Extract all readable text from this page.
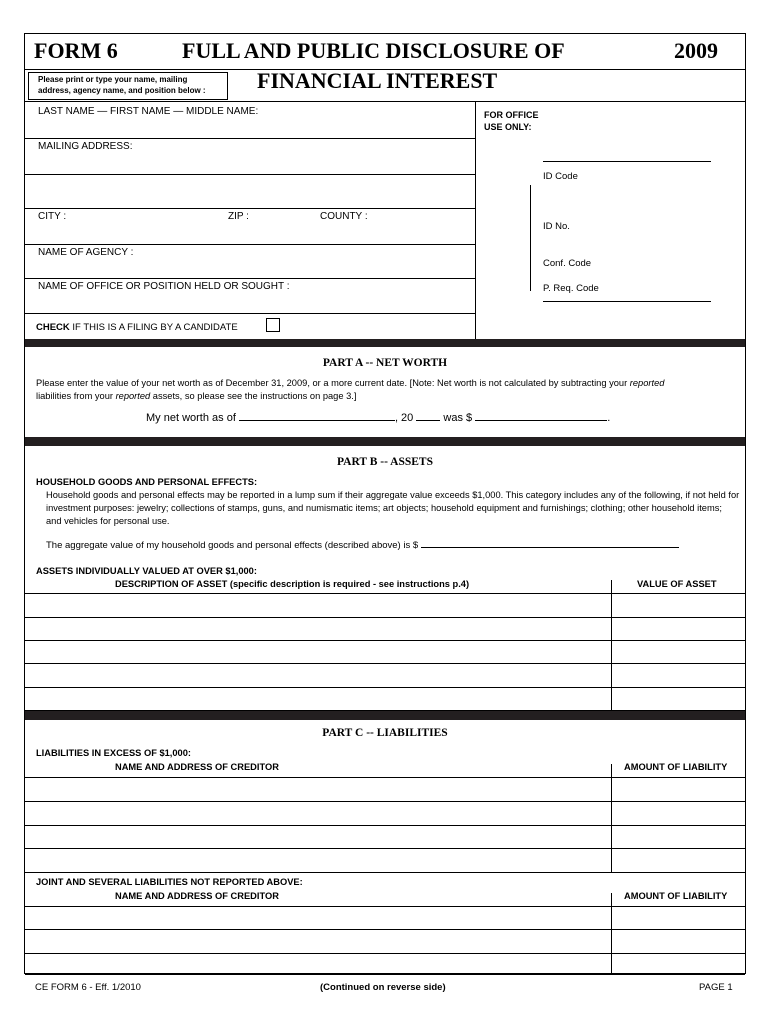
FORM 6	FULL AND PUBLIC DISCLOSURE OF	2009
Please print or type your name, mailing
address, agency name, and position below :	FINANCIAL INTEREST
LAST NAME — FIRST NAME — MIDDLE NAME:
MAILING ADDRESS:
CITY :	ZIP :	COUNTY :
NAME OF AGENCY :
NAME OF OFFICE OR POSITION HELD OR SOUGHT :
CHECK IF THIS IS A FILING BY A CANDIDATE
FOR OFFICE
USE ONLY:
ID Code
ID No.
Conf. Code
P. Req. Code
PART A -- NET WORTH
Please enter the value of your net worth as of December 31, 2009, or a more current date. [Note: Net worth is not calculated by subtracting your reported
liabilities from your reported assets, so please see the instructions on page 3.]
My net worth as of	, 20	was $	.
PART B -- ASSETS
HOUSEHOLD GOODS AND PERSONAL EFFECTS:
Household goods and personal effects may be reported in a lump sum if their aggregate value exceeds $1,000. This category includes any of the following, if not held for investment purposes: jewelry; collections of stamps, guns, and numismatic items; art objects; household equipment and furnishings; clothing; other household items; and vehicles for personal use.
The aggregate value of my household goods and personal effects (described above) is $
ASSETS INDIVIDUALLY VALUED AT OVER $1,000:
DESCRIPTION OF ASSET (specific description is required - see instructions p.4)	VALUE OF ASSET
PART C -- LIABILITIES
LIABILITIES IN EXCESS OF $1,000:
NAME AND ADDRESS OF CREDITOR	AMOUNT OF LIABILITY
JOINT AND SEVERAL LIABILITIES NOT REPORTED ABOVE:
NAME AND ADDRESS OF CREDITOR	AMOUNT OF LIABILITY
CE FORM 6 - Eff. 1/2010	(Continued on reverse side)	PAGE 1
